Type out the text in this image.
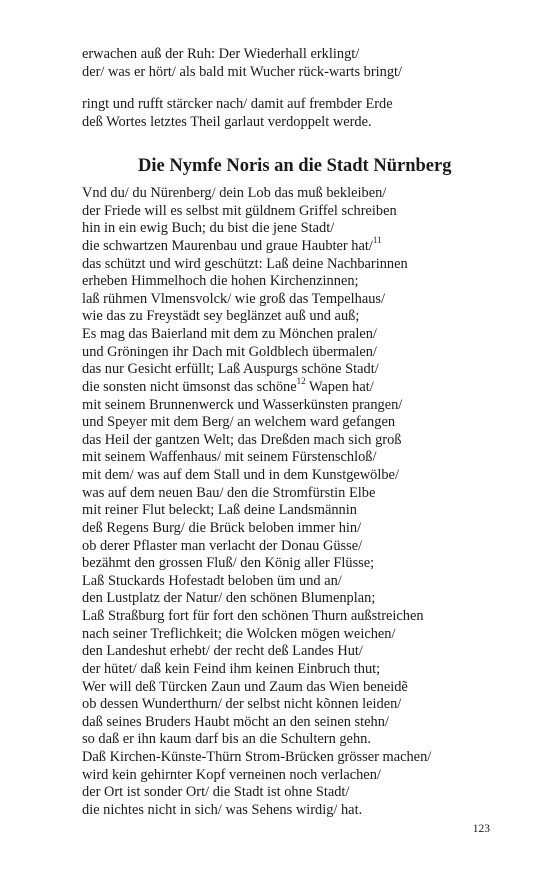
erwachen auß der Ruh: Der Wiederhall erklingt/
der/ was er hört/ als bald mit Wucher rück-warts bringt/
ringt und rufft stärcker nach/ damit auf frembder Erde
deß Wortes letztes Theil garlaut verdoppelt werde.
Die Nymfe Noris an die Stadt Nürnberg
Vnd du/ du Nürenberg/ dein Lob das muß bekleiben/
der Friede will es selbst mit güldnem Griffel schreiben
hin in ein ewig Buch; du bist die jene Stadt/
die schwartzen Maurenbau und graue Haubter hat/$^{11}$
das schützt und wird geschützt: Laß deine Nachbarinnen
erheben Himmelhoch die hohen Kirchenzinnen;
laß rühmen Vlmensvolck/ wie groß das Tempelhaus/
wie das zu Freystädt sey beglänzet auß und auß;
Es mag das Baierland mit dem zu Mönchen pralen/
und Gröningen ihr Dach mit Goldblech übermalen/
das nur Gesicht erfüllt; Laß Auspurgs schöne Stadt/
die sonsten nicht ümsonst das schöne$^{12}$ Wapen hat/
mit seinem Brunnenwerck und Wasserkünsten prangen/
und Speyer mit dem Berg/ an welchem ward gefangen
das Heil der gantzen Welt; das Dreßden mach sich groß
mit seinem Waffenhaus/ mit seinem Fürstenschloß/
mit dem/ was auf dem Stall und in dem Kunstgewölbe/
was auf dem neuen Bau/ den die Stromfürstin Elbe
mit reiner Flut beleckt; Laß deine Landsmännin
deß Regens Burg/ die Brück beloben immer hin/
ob derer Pflaster man verlacht der Donau Güsse/
bezähmt den grossen Fluß/ den König aller Flüsse;
Laß Stuckards Hofestadt beloben üm und an/
den Lustplatz der Natur/ den schönen Blumenplan;
Laß Straßburg fort für fort den schönen Thurn außstreichen
nach seiner Treflichkeit; die Wolcken mögen weichen/
den Landeshut erhebt/ der recht deß Landes Hut/
der hütet/ daß kein Feind ihm keinen Einbruch thut;
Wer will deß Türcken Zaun und Zaum das Wien beneidẽ
ob dessen Wunderthurn/ der selbst nicht kõnnen leiden/
daß seines Bruders Haubt möcht an den seinen stehn/
so daß er ihn kaum darf bis an die Schultern gehn.
Daß Kirchen-Künste-Thürn Strom-Brücken grösser machen/
wird kein gehirnter Kopf verneinen noch verlachen/
der Ort ist sonder Ort/ die Stadt ist ohne Stadt/
die nichtes nicht in sich/ was Sehens wirdig/ hat.
123
